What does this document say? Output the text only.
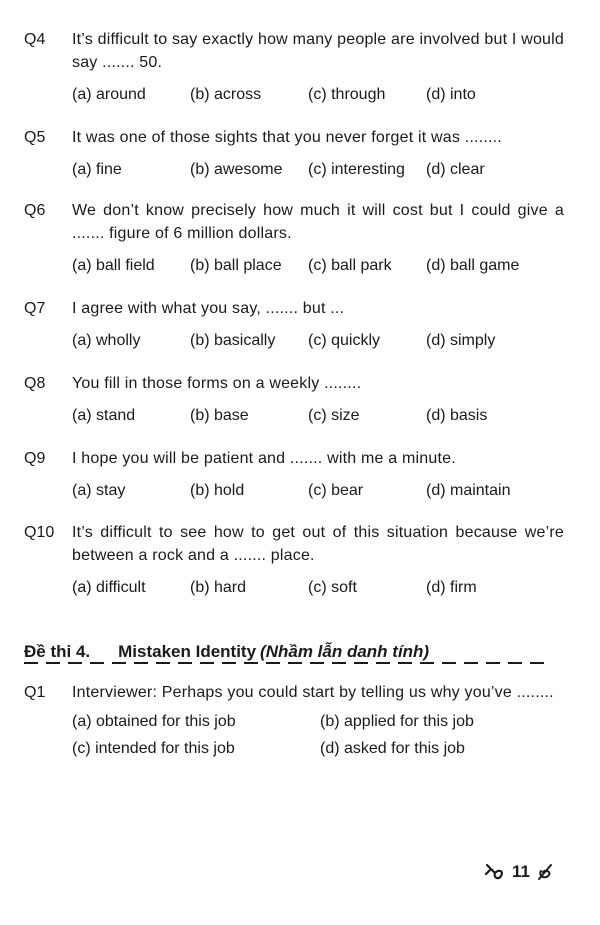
Q4	It’s difficult to say exactly how many people are involved but I would say ....... 50.
(a) around	(b) across	(c) through	(d) into
Q5	It was one of those sights that you never forget it was ........
(a) fine	(b) awesome	(c) interesting	(d) clear
Q6	We don’t know precisely how much it will cost but I could give a ....... figure of 6 million dollars.
(a) ball field	(b) ball place	(c) ball park	(d) ball game
Q7	I agree with what you say, ....... but ...
(a) wholly	(b) basically	(c) quickly	(d) simply
Q8	You fill in those forms on a weekly ........
(a) stand	(b) base	(c) size	(d) basis
Q9	I hope you will be patient and ....... with me a minute.
(a) stay	(b) hold	(c) bear	(d) maintain
Q10	It’s difficult to see how to get out of this situation because we’re between a rock and a ....... place.
(a) difficult	(b) hard	(c) soft	(d) firm
Đề thi 4. Mistaken Identity (Nhầm lẫn danh tính)
Q1	Interviewer: Perhaps you could start by telling us why you’ve ........
(a) obtained for this job	(b) applied for this job
(c) intended for this job	(d) asked for this job
11
